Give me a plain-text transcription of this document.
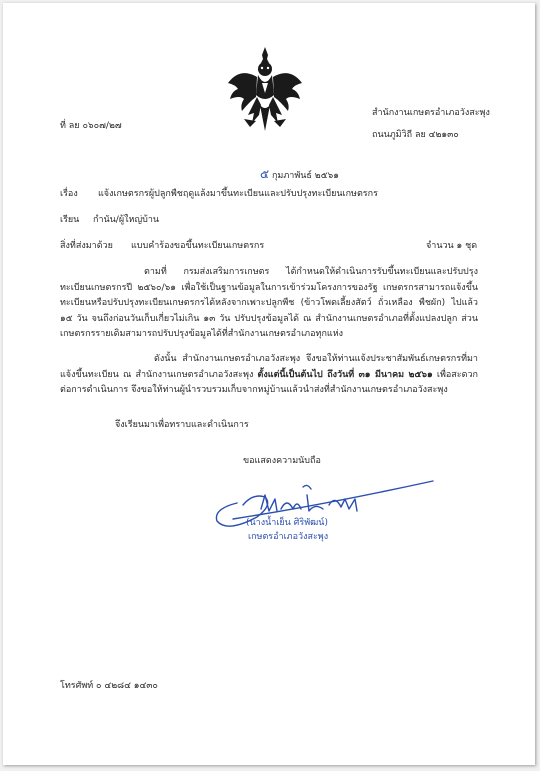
ที่ ลย ๐๖๐๗/๒๗
สำนักงานเกษตรอำเภอวังสะพุง
ถนนภูมิวิถี ลย ๔๒๑๓๐
๕ กุมภาพันธ์ ๒๕๖๑
เรื่อง แจ้งเกษตรกรผู้ปลูกพืชฤดูแล้งมาขึ้นทะเบียนและปรับปรุงทะเบียนเกษตรกร
เรียน กำนัน/ผู้ใหญ่บ้าน
สิ่งที่ส่งมาด้วย แบบคำร้องขอขึ้นทะเบียนเกษตรกร	จำนวน ๑ ชุด
ตามที่ กรมส่งเสริมการเกษตร ได้กำหนดให้ดำเนินการรับขึ้นทะเบียนและปรับปรุงทะเบียนเกษตรกรปี ๒๕๖๐/๖๑ เพื่อใช้เป็นฐานข้อมูลในการเข้าร่วมโครงการของรัฐ เกษตรกรสามารถแจ้งขึ้นทะเบียนหรือปรับปรุงทะเบียนเกษตรกรได้หลังจากเพาะปลูกพืช (ข้าวโพดเลี้ยงสัตว์ ถั่วเหลือง พืชผัก) ไปแล้ว ๑๕ วัน จนถึงก่อนวันเก็บเกี่ยวไม่เกิน ๑๓ วัน ปรับปรุงข้อมูลได้ ณ สำนักงานเกษตรอำเภอที่ตั้งแปลงปลูก ส่วนเกษตรกรรายเดิมสามารถปรับปรุงข้อมูลได้ที่สำนักงานเกษตรอำเภอทุกแห่ง
ดังนั้น สำนักงานเกษตรอำเภอวังสะพุง จึงขอให้ท่านแจ้งประชาสัมพันธ์เกษตรกรที่มาแจ้งขึ้นทะเบียน ณ สำนักงานเกษตรอำเภอวังสะพุง ตั้งแต่นี้เป็นต้นไป ถึงวันที่ ๓๑ มีนาคม ๒๕๖๑ เพื่อสะดวกต่อการดำเนินการ จึงขอให้ท่านผู้นำรวบรวมเก็บจากหมู่บ้านแล้วนำส่งที่สำนักงานเกษตรอำเภอวังสะพุง
จึงเรียนมาเพื่อทราบและดำเนินการ
ขอแสดงความนับถือ
(นางน้ำเย็น ศิริพัฒน์)
เกษตรอำเภอวังสะพุง
โทรศัพท์ ๐ ๔๒๘๔ ๑๔๓๐
